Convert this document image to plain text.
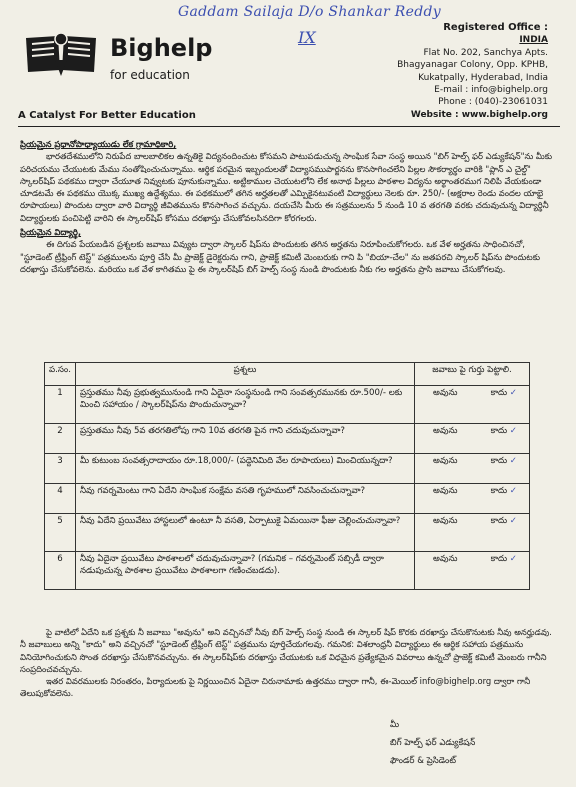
Gaddam Sailaja D/o Shankar Reddy
IX
Bighelp
for education
A Catalyst For Better Education
Registered Office :
INDIA
Flat No. 202, Sanchya Apts.
Bhagyanagar Colony, Opp. KPHB,
Kukatpally, Hyderabad, India
E-mail : info@bighelp.org
Phone : (040)-23061031
Website : www.bighelp.org
ప్రియమైన ప్రధానోపాధ్యాయుడు లేక గ్రామాధికారి,
భారతదేశములోని నిరుపేద బాలబాలికల ఉన్నతికై విద్యనందించుట కోసమని పాటుపడుచున్న సాంఘిక సేవా సంస్థ అయిన "బిగ్ హెల్ప్ ఫర్ ఎడ్యుకేషన్"ను మీకు పరిచయము చేయుటకు మేము సంతోషించుచున్నాము. ఆర్థిక పరమైన ఇబ్బందులతో విద్యాసముపార్జనను కొనసాగించలేని పిల్లల సౌకర్యార్థం వారికి "ప్లాన్ ఎ చైల్డ్" స్కాలర్‌షిప్ పథకము ద్వారా చేయూత నివ్వుటకు పూనుకున్నాము. అట్టికాముల చెయుటలోని లేక అనాథ పిల్లలు పాఠశాల విద్యను అర్థాంతరముగ నిలిపి వేయకుండా చూడటమే ఈ పథకము యొక్క ముఖ్య ఉద్దేశ్యము. ఈ పథకములో తగిన అర్హతలతో ఎమ్పికైనటువంటి విద్యార్థులు నెలకు రూ. 250/- (అక్షరాల రెండు వందల యాభై రూపాయలు) పొందుట ద్వారా వారి విద్యార్థి జీవితమును కొనసాగించ వచ్చును. దయచేసి మీరు ఈ సత్రములను 5 నుండి 10 వ తరగతి వరకు చదువుచున్న విద్యార్థినీ విద్యార్థులకు పంచిపెట్టి వారిని ఈ స్కాలర్‌షిప్ కోసము దరఖాస్తు చేసుకోవలసినదిగా కోరగలరు.
ప్రియమైన విద్యార్థి,
ఈ దిగువ పేయబడిన ప్రశ్నలకు జవాబు వివ్యుట ద్వారా స్కాలర్ షిప్‌ను పొందుటకు తగిన అర్హతను నిరూపించుకోగలరు. ఒక వేళ అర్హతను సాధించినచో, "స్టూడెంట్ ట్రీఫ్రింగ్ టెస్ట్" పత్రములను పూర్తి చేసి మీ ప్రాజెక్ట్ డైరెక్టరును గాని, ప్రాజెక్ట్ కమిటీ మెంబరుకు గాని పి "బియా-చేల" ను జతపరచి స్కాలర్ షిప్‌ను పొందుటకు దరఖాస్తు చేసుకోవలెను. మరియు ఒక వేళ కాగితము పై ఈ స్కాలర్‌షిప్ బిగ్ హెల్ప్ సంస్థ నుండి పొందుటకు నీకు గల అర్హతను ప్రాసి జవాబు చేసుకోగలవు.
ప.సం.	ప్రశ్నలు	జవాబు పై గుర్తు పెట్టాలి.
1	ప్రస్తుతము నీవు ప్రభుత్వమునుండి గాని ఏదైనా సంస్థనుండి గాని సంవత్సరమునకు రూ.500/- లకు మించి సహాయం / స్కాలర్‌షిప్‌ను పొందుచున్నావా?	అవును కాదు ✓

2	ప్రస్తుతము నీవు 5వ తరగతిలోపు గాని 10వ తరగతి పైన గాని చదువుచున్నావా?	అవును కాదు ✓

3	మీ కుటుంబ సంవత్సరాదాయం రూ.18,000/- (పద్దెనిమిది వేల రూపాయలు) మించియున్నదా?	అవును కాదు ✓

4	నీవు గవర్నమెంటు గాని ఏదేని సాంఘిక సంక్షేమ వసతి గృహములో నివసించుచున్నావా?	అవును కాదు ✓

5	నీవు ఏదేని ప్రయివేటు హాస్టలులో ఉంటూ నీ వసతి, ఏర్పాటుకై ఏమయినా ఫీజు చెల్లించుచున్నావా?	అవును కాదు ✓

6	నీవు ఏదైనా ప్రయివేటు పాఠశాలలో చదువుచున్నావా? (గమనిక – గవర్నమెంట్ సబ్సిడీ ద్వారా నడుపుచున్న పాఠశాల ప్రయివేటు పాఠశాలగా గణించబడదు).	అవును కాదు ✓
పై వాటిలో ఏదేని ఒక ప్రశ్నకు నీ జవాబు "అవును" అని వచ్చినచో నీవు బిగ్ హెల్ప్ సంస్థ నుండి ఈ స్కాలర్ షిప్ కొరకు దరఖాస్తు చేసుకొనుటకు నీవు అనర్హుడవు. నీ జవాబులు అన్ని "కాదు" అని వచ్చినచో "స్టూడెంట్ ట్రీఫ్రింగ్ టెస్ట్" పత్రమును పూర్తిచేయగలవు. గమనిక: విశలాంధ్రనీ విద్యార్థులు ఈ ఆర్థిక సహాయ పత్రమును వినియోగించుకుని సొంత దరఖాస్తు చేసుకొనవచ్చును. ఈ స్కాలర్‌షిప్‌కు దరఖాస్తు చేయుటకు ఒక విధమైన ప్రత్యేకమైన వివరాలు ఉన్నచో ప్రాజెక్ట్ కమిటీ మెంబరు గానీని సంప్రదించవచ్చును.
ఇతర వివరములకు నిరంతరం, పిర్యాదులకు పై నిర్ణయించిన ఏదైనా చిరునామాకు ఉత్తరము ద్వారా గానీ, ఈ-మెయిల్ info@bighelp.org ద్వారా గానీ తెలుపుకోవలెను.
మీ
బిగ్ హెల్ప్ ఫర్ ఎడ్యుకేషన్
ఫౌండర్ & ప్రెసిడెంట్
